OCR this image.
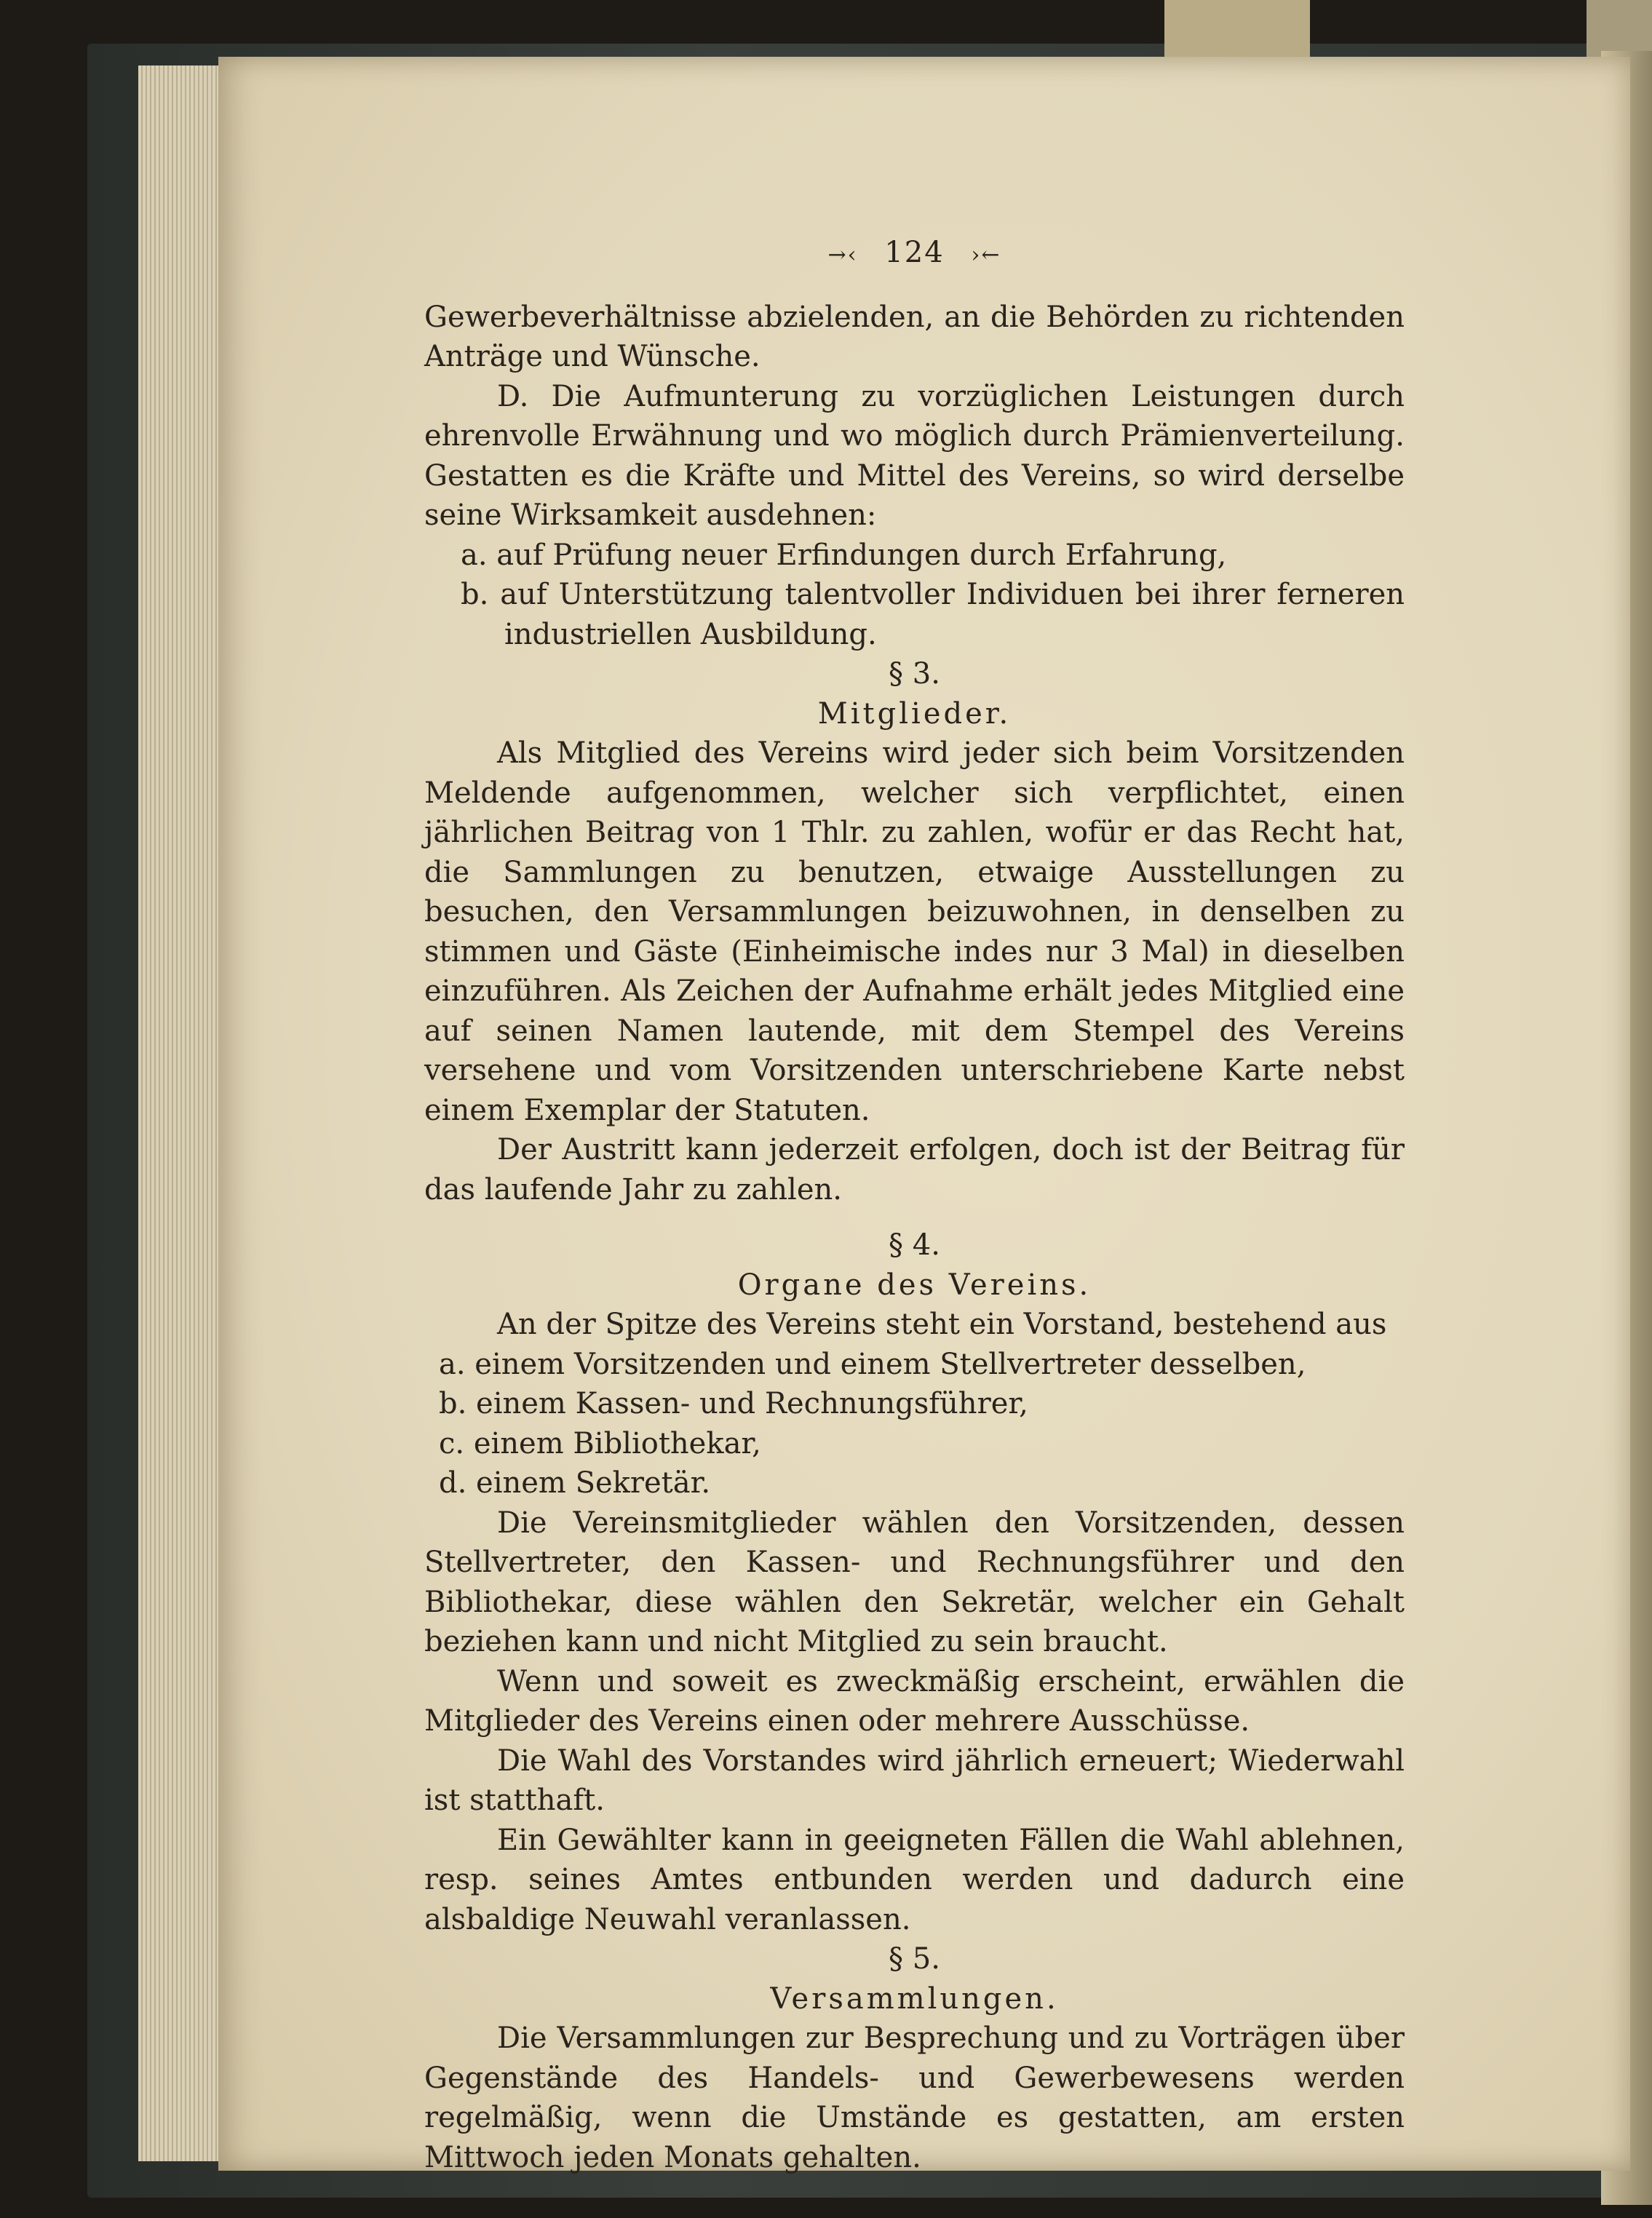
→‹ 124 ›←

Gewerbeverhältnisse abzielenden, an die Behörden zu richtenden Anträge und Wünsche.

D. Die Aufmunterung zu vorzüglichen Leistungen durch ehrenvolle Erwähnung und wo möglich durch Prämienverteilung. Gestatten es die Kräfte und Mittel des Vereins, so wird derselbe seine Wirksamkeit ausdehnen:

a. auf Prüfung neuer Erfindungen durch Erfahrung,

b. auf Unterstützung talentvoller Individuen bei ihrer ferneren industriellen Ausbildung.

§ 3.
Mitglieder.

Als Mitglied des Vereins wird jeder sich beim Vorsitzenden Meldende aufgenommen, welcher sich verpflichtet, einen jährlichen Beitrag von 1 Thlr. zu zahlen, wofür er das Recht hat, die Sammlungen zu benutzen, etwaige Ausstellungen zu besuchen, den Versammlungen beizuwohnen, in denselben zu stimmen und Gäste (Einheimische indes nur 3 Mal) in dieselben einzuführen. Als Zeichen der Aufnahme erhält jedes Mitglied eine auf seinen Namen lautende, mit dem Stempel des Vereins versehene und vom Vorsitzenden unterschriebene Karte nebst einem Exemplar der Statuten.

Der Austritt kann jederzeit erfolgen, doch ist der Beitrag für das laufende Jahr zu zahlen.

§ 4.
Organe des Vereins.

An der Spitze des Vereins steht ein Vorstand, bestehend aus

a. einem Vorsitzenden und einem Stellvertreter desselben,

b. einem Kassen- und Rechnungsführer,

c. einem Bibliothekar,

d. einem Sekretär.

Die Vereinsmitglieder wählen den Vorsitzenden, dessen Stellvertreter, den Kassen- und Rechnungsführer und den Bibliothekar, diese wählen den Sekretär, welcher ein Gehalt beziehen kann und nicht Mitglied zu sein braucht.

Wenn und soweit es zweckmäßig erscheint, erwählen die Mitglieder des Vereins einen oder mehrere Ausschüsse.

Die Wahl des Vorstandes wird jährlich erneuert; Wiederwahl ist statthaft.

Ein Gewählter kann in geeigneten Fällen die Wahl ablehnen, resp. seines Amtes entbunden werden und dadurch eine alsbaldige Neuwahl veranlassen.

§ 5.
Versammlungen.

Die Versammlungen zur Besprechung und zu Vorträgen über Gegenstände des Handels- und Gewerbewesens werden regelmäßig, wenn die Umstände es gestatten, am ersten Mittwoch jeden Monats gehalten.
